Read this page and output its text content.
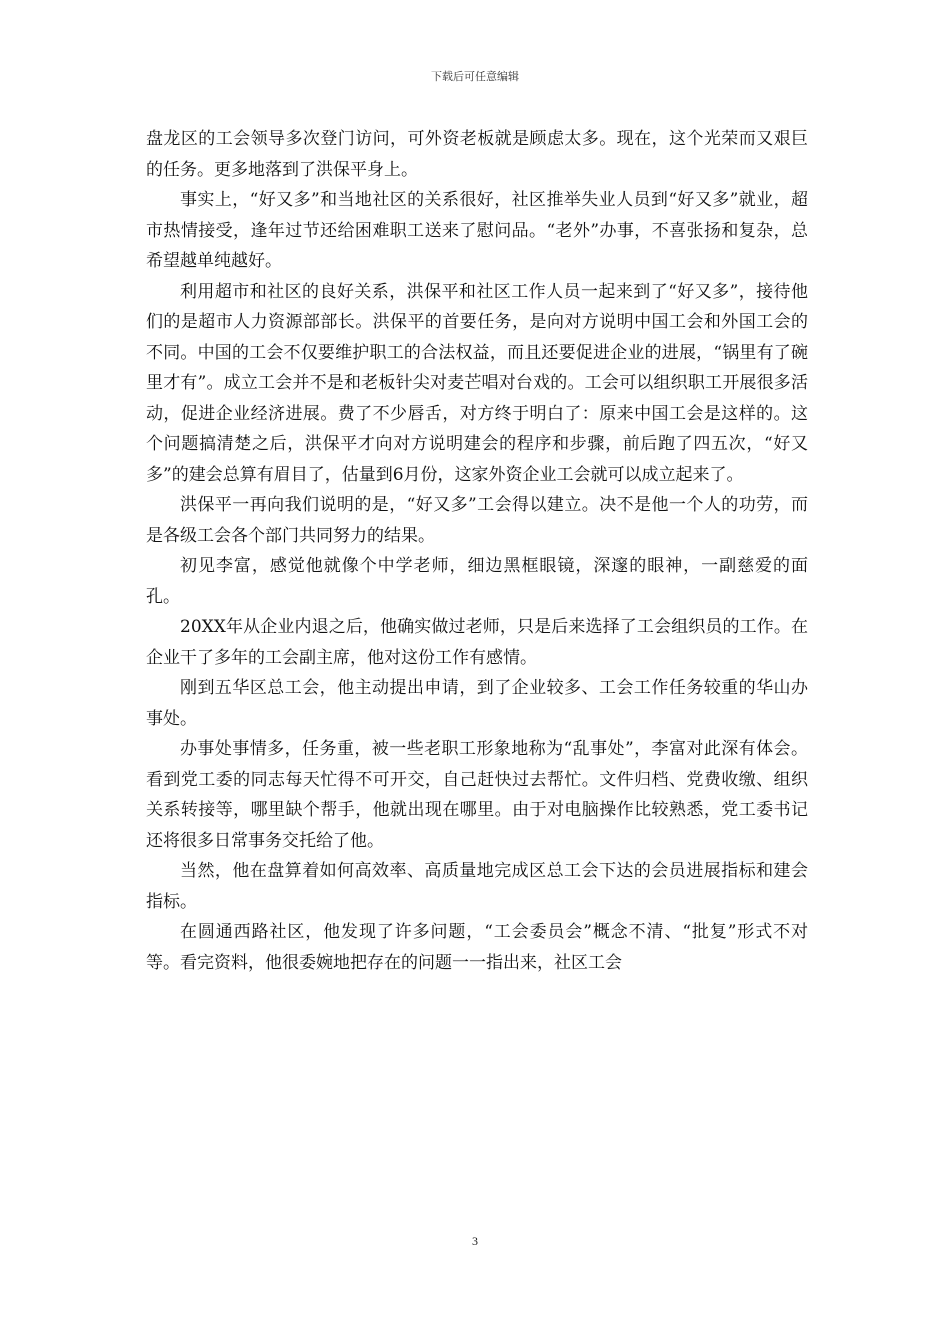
下载后可任意编辑

盘龙区的工会领导多次登门访问，可外资老板就是顾虑太多。现在，这个光荣而又艰巨的任务。更多地落到了洪保平身上。

事实上，“好又多”和当地社区的关系很好，社区推举失业人员到“好又多”就业，超市热情接受，逢年过节还给困难职工送来了慰问品。“老外”办事，不喜张扬和复杂，总希望越单纯越好。

利用超市和社区的良好关系，洪保平和社区工作人员一起来到了“好又多”，接待他们的是超市人力资源部部长。洪保平的首要任务，是向对方说明中国工会和外国工会的不同。中国的工会不仅要维护职工的合法权益，而且还要促进企业的进展，“锅里有了碗里才有”。成立工会并不是和老板针尖对麦芒唱对台戏的。工会可以组织职工开展很多活动，促进企业经济进展。费了不少唇舌，对方终于明白了：原来中国工会是这样的。这个问题搞清楚之后，洪保平才向对方说明建会的程序和步骤，前后跑了四五次，“好又多”的建会总算有眉目了，估量到6月份，这家外资企业工会就可以成立起来了。

洪保平一再向我们说明的是，“好又多”工会得以建立。决不是他一个人的功劳，而是各级工会各个部门共同努力的结果。

初见李富，感觉他就像个中学老师，细边黑框眼镜，深邃的眼神，一副慈爱的面孔。

20XX年从企业内退之后，他确实做过老师，只是后来选择了工会组织员的工作。在企业干了多年的工会副主席，他对这份工作有感情。

刚到五华区总工会，他主动提出申请，到了企业较多、工会工作任务较重的华山办事处。

办事处事情多，任务重，被一些老职工形象地称为“乱事处”，李富对此深有体会。看到党工委的同志每天忙得不可开交，自己赶快过去帮忙。文件归档、党费收缴、组织关系转接等，哪里缺个帮手，他就出现在哪里。由于对电脑操作比较熟悉，党工委书记还将很多日常事务交托给了他。

当然，他在盘算着如何高效率、高质量地完成区总工会下达的会员进展指标和建会指标。

在圆通西路社区，他发现了许多问题，“工会委员会”概念不清、“批复”形式不对等。看完资料，他很委婉地把存在的问题一一指出来，社区工会

3
